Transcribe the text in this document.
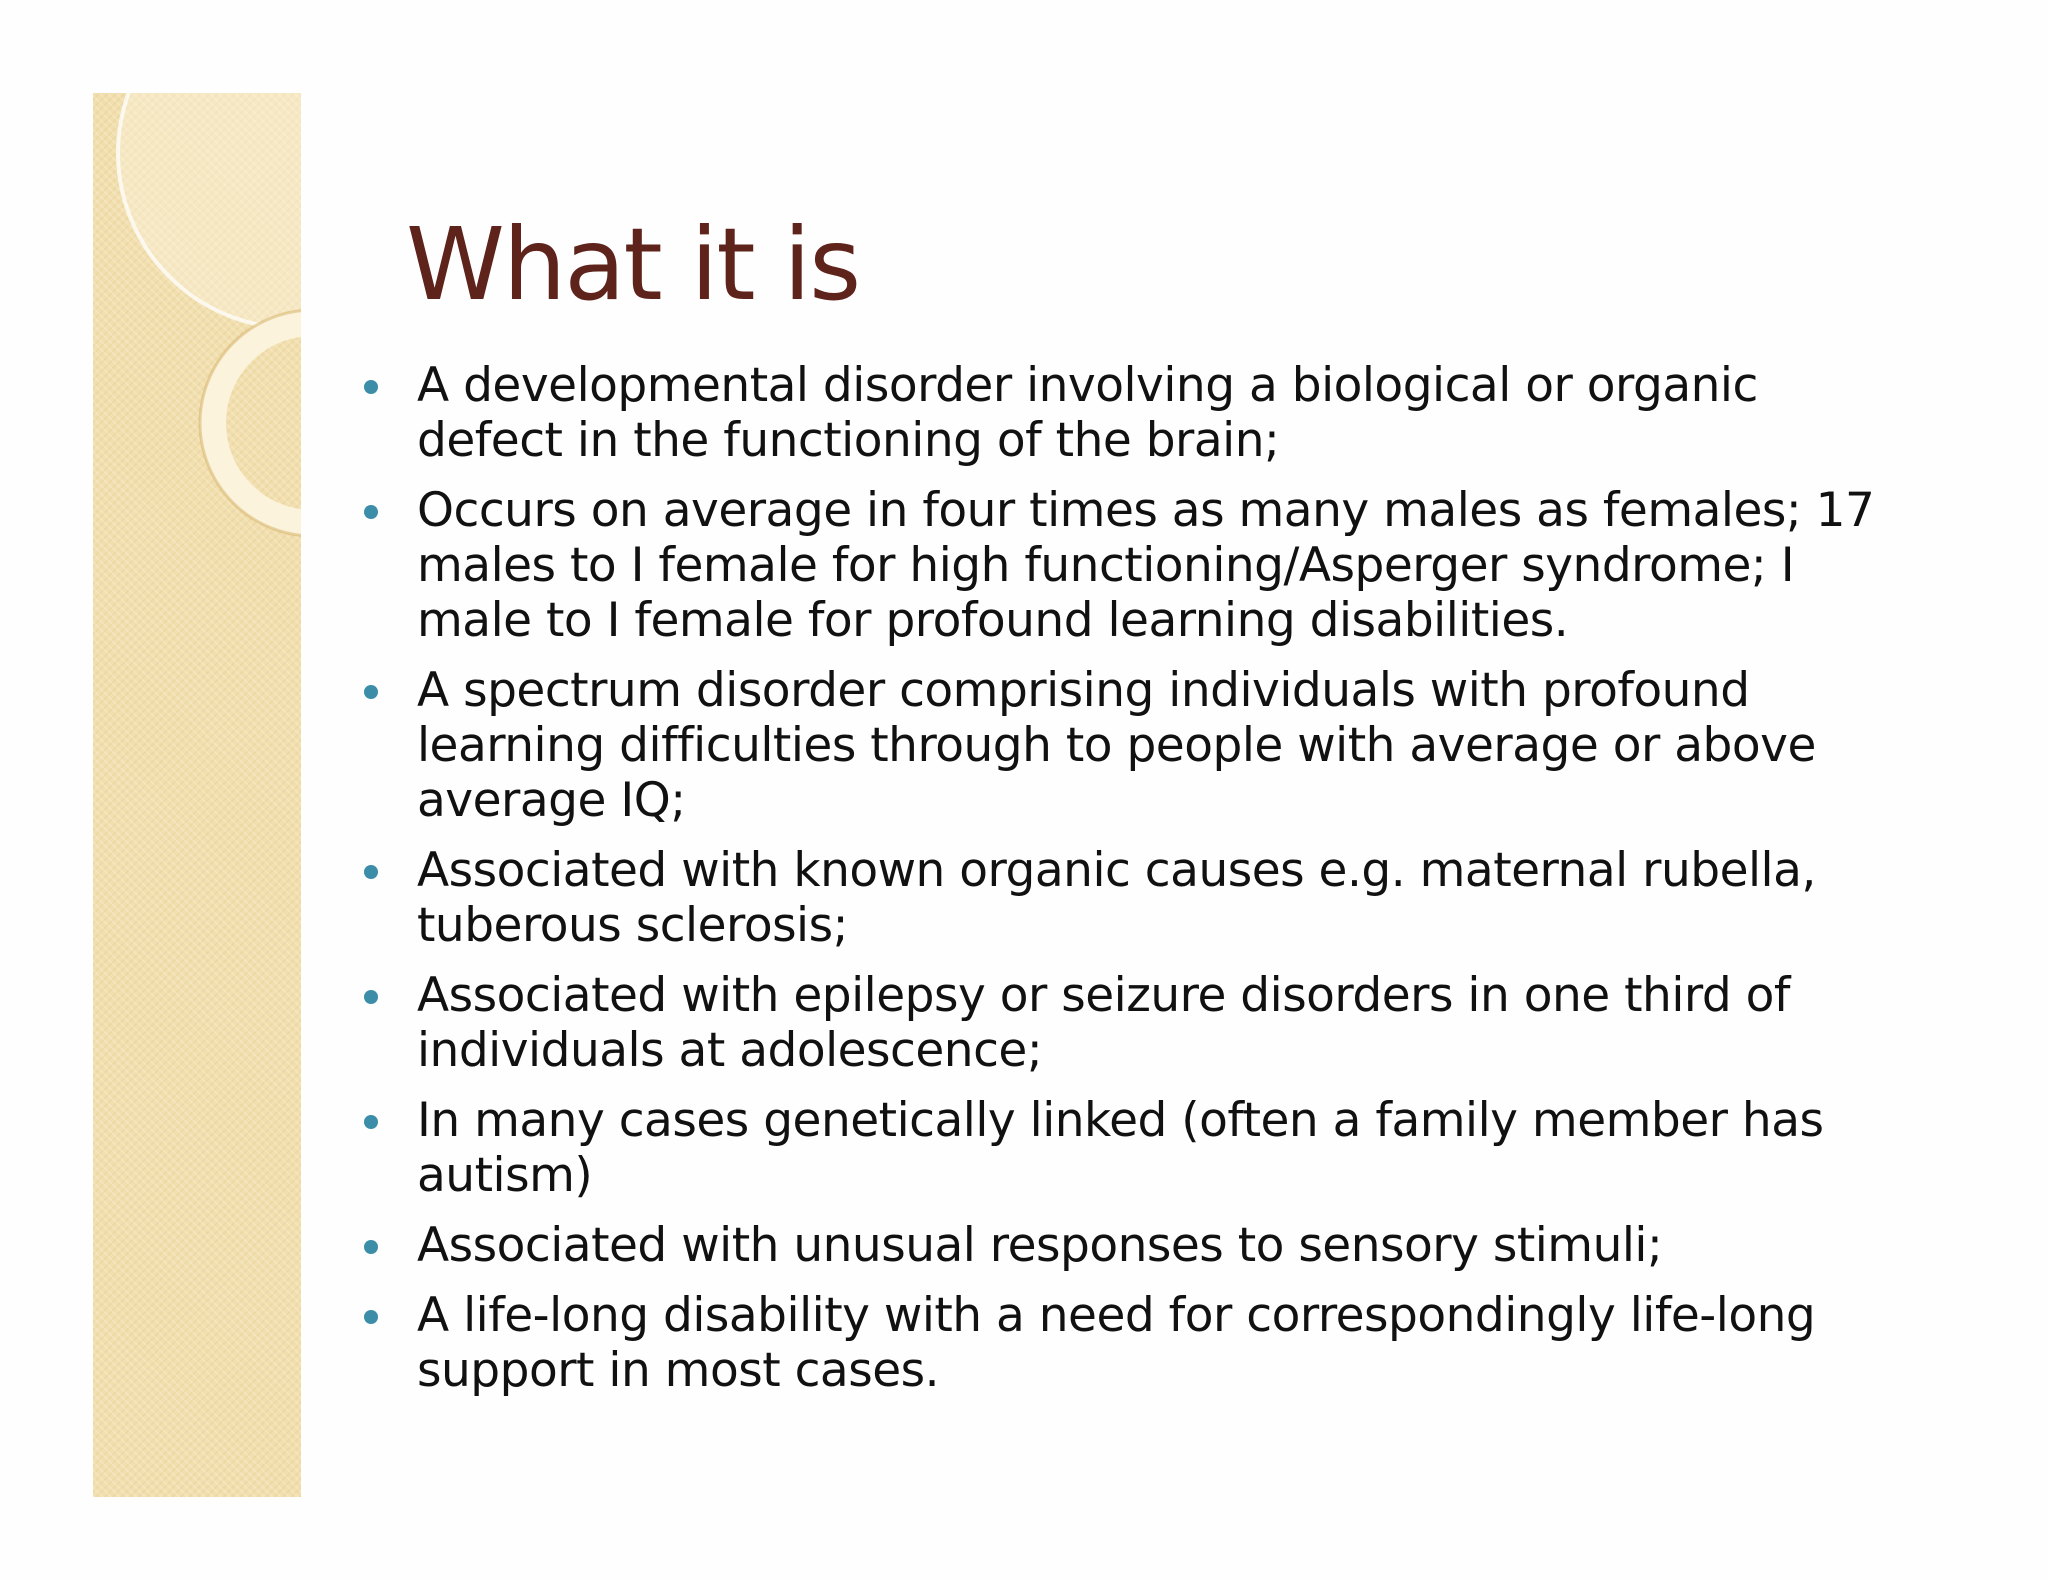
What it is
A developmental disorder involving a biological or organic defect in the functioning of the brain;
Occurs on average in four times as many males as females; 17 males to I female for high functioning/Asperger syndrome; I male to I female for profound learning disabilities.
A spectrum disorder comprising individuals with profound learning difficulties through to people with average or above average IQ;
Associated with known organic causes e.g. maternal rubella, tuberous sclerosis;
Associated with epilepsy or seizure disorders in one third of individuals at adolescence;
In many cases genetically linked (often a family member has autism)
Associated with unusual responses to sensory stimuli;
A life-long disability with a need for correspondingly life-long support in most cases.
